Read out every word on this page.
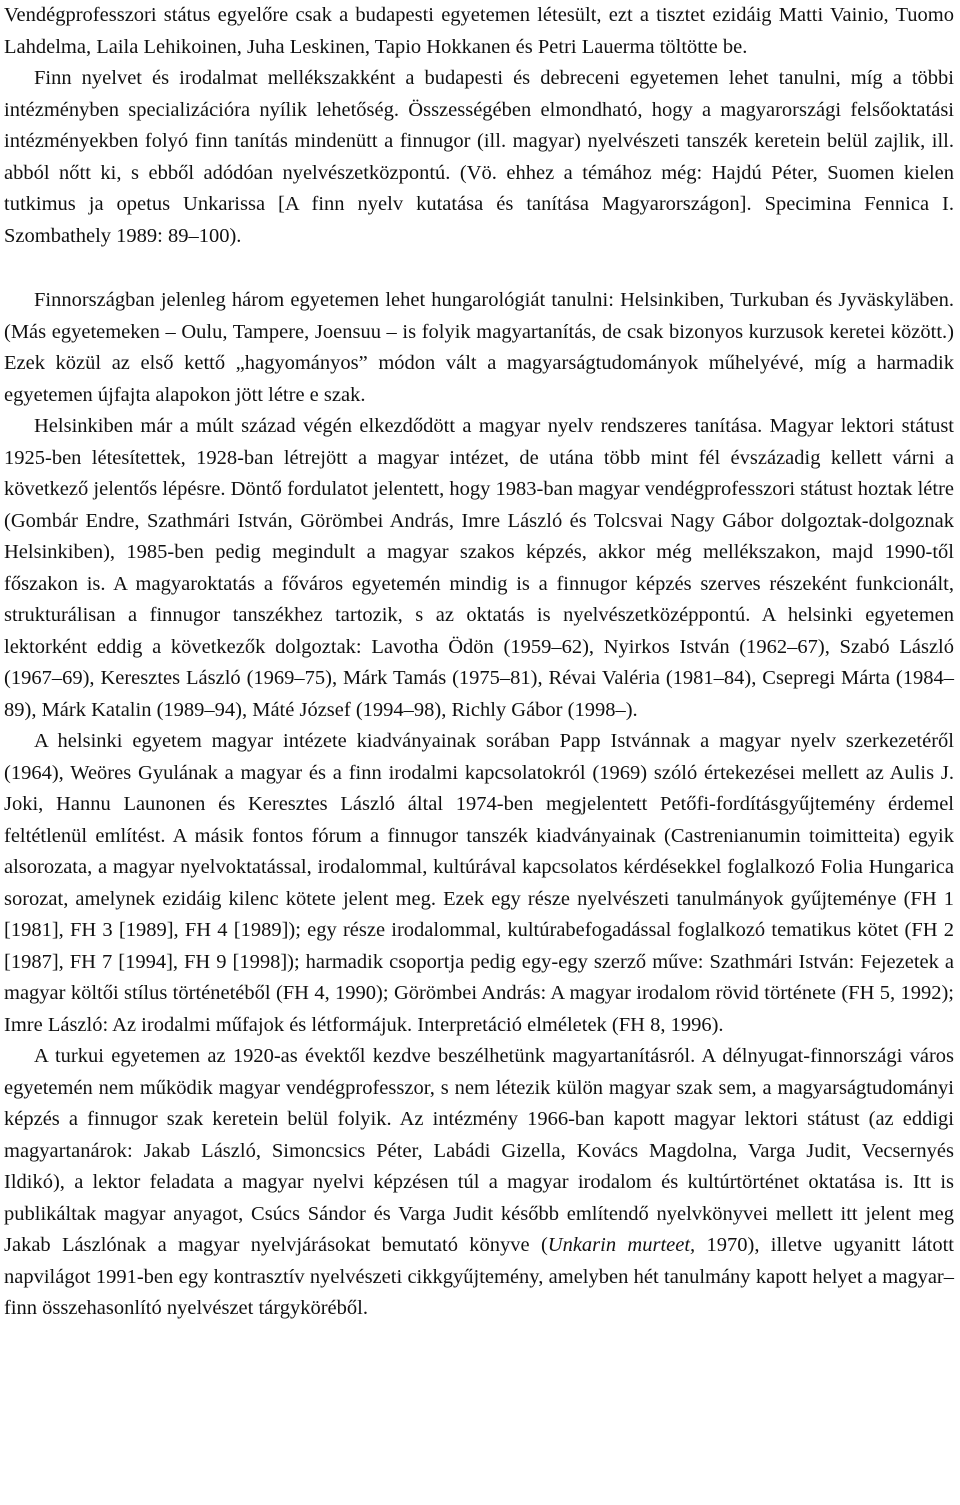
Vendégprofesszori státus egyelőre csak a budapesti egyetemen létesült, ezt a tisztet ezidáig Matti Vainio, Tuomo Lahdelma, Laila Lehikoinen, Juha Leskinen, Tapio Hokkanen és Petri Lauerma töltötte be.

Finn nyelvet és irodalmat mellékszakként a budapesti és debreceni egyetemen lehet tanulni, míg a többi intézményben specializációra nyílik lehetőség. Összességében elmondható, hogy a magyarországi felsőoktatási intézményekben folyó finn tanítás mindenütt a finnugor (ill. magyar) nyelvészeti tanszék keretein belül zajlik, ill. abból nőtt ki, s ebből adódóan nyelvészetközpontú. (Vö. ehhez a témához még: Hajdú Péter, Suomen kielen tutkimus ja opetus Unkarissa [A finn nyelv kutatása és tanítása Magyarországon]. Specimina Fennica I. Szombathely 1989: 89–100).

Finnországban jelenleg három egyetemen lehet hungarológiát tanulni: Helsinkiben, Turkuban és Jyväskyläben. (Más egyetemeken – Oulu, Tampere, Joensuu – is folyik magyartanítás, de csak bizonyos kurzusok keretei között.) Ezek közül az első kettő „hagyományos” módon vált a magyarságtudományok műhelyévé, míg a harmadik egyetemen újfajta alapokon jött létre e szak.

Helsinkiben már a múlt század végén elkezdődött a magyar nyelv rendszeres tanítása. Magyar lektori státust 1925-ben létesítettek, 1928-ban létrejött a magyar intézet, de utána több mint fél évszázadig kellett várni a következő jelentős lépésre. Döntő fordulatot jelentett, hogy 1983-ban magyar vendégprofesszori státust hoztak létre (Gombár Endre, Szathmári István, Görömbei András, Imre László és Tolcsvai Nagy Gábor dolgoztak-dolgoznak Helsinkiben), 1985-ben pedig megindult a magyar szakos képzés, akkor még mellékszakon, majd 1990-től főszakon is. A magyaroktatás a főváros egyetemén mindig is a finnugor képzés szerves részeként funkcionált, strukturálisan a finnugor tanszékhez tartozik, s az oktatás is nyelvészetközéppontú. A helsinki egyetemen lektorként eddig a következők dolgoztak: Lavotha Ödön (1959–62), Nyirkos István (1962–67), Szabó László (1967–69), Keresztes László (1969–75), Márk Tamás (1975–81), Révai Valéria (1981–84), Csepregi Márta (1984–89), Márk Katalin (1989–94), Máté József (1994–98), Richly Gábor (1998–).

A helsinki egyetem magyar intézete kiadványainak sorában Papp Istvánnak a magyar nyelv szerkezetéről (1964), Weöres Gyulának a magyar és a finn irodalmi kapcsolatokról (1969) szóló értekezései mellett az Aulis J. Joki, Hannu Launonen és Keresztes László által 1974-ben megjelentett Petőfi-fordításgyűjtemény érdemel feltétlenül említést. A másik fontos fórum a finnugor tanszék kiadványainak (Castrenianumin toimitteita) egyik alsorozata, a magyar nyelvoktatással, irodalommal, kultúrával kapcsolatos kérdésekkel foglalkozó Folia Hungarica sorozat, amelynek ezidáig kilenc kötete jelent meg. Ezek egy része nyelvészeti tanulmányok gyűjteménye (FH 1 [1981], FH 3 [1989], FH 4 [1989]); egy része irodalommal, kultúrabefogadással foglalkozó tematikus kötet (FH 2 [1987], FH 7 [1994], FH 9 [1998]); harmadik csoportja pedig egy-egy szerző műve: Szathmári István: Fejezetek a magyar költői stílus történetéből (FH 4, 1990); Görömbei András: A magyar irodalom rövid története (FH 5, 1992); Imre László: Az irodalmi műfajok és létformájuk. Interpretáció elméletek (FH 8, 1996).

A turkui egyetemen az 1920-as évektől kezdve beszélhetünk magyartanításról. A délnyugat-finnországi város egyetemén nem működik magyar vendégprofesszor, s nem létezik külön magyar szak sem, a magyarságtudományi képzés a finnugor szak keretein belül folyik. Az intézmény 1966-ban kapott magyar lektori státust (az eddigi magyartanárok: Jakab László, Simoncsics Péter, Labádi Gizella, Kovács Magdolna, Varga Judit, Vecsernyés Ildikó), a lektor feladata a magyar nyelvi képzésen túl a magyar irodalom és kultúrtörténet oktatása is. Itt is publikáltak magyar anyagot, Csúcs Sándor és Varga Judit később említendő nyelvkönyvei mellett itt jelent meg Jakab Lászlónak a magyar nyelvjárásokat bemutató könyve (Unkarin murteet, 1970), illetve ugyanitt látott napvilágot 1991-ben egy kontrasztív nyelvészeti cikkgyűjtemény, amelyben hét tanulmány kapott helyet a magyar–finn összehasonlító nyelvészet tárgyköréből.
